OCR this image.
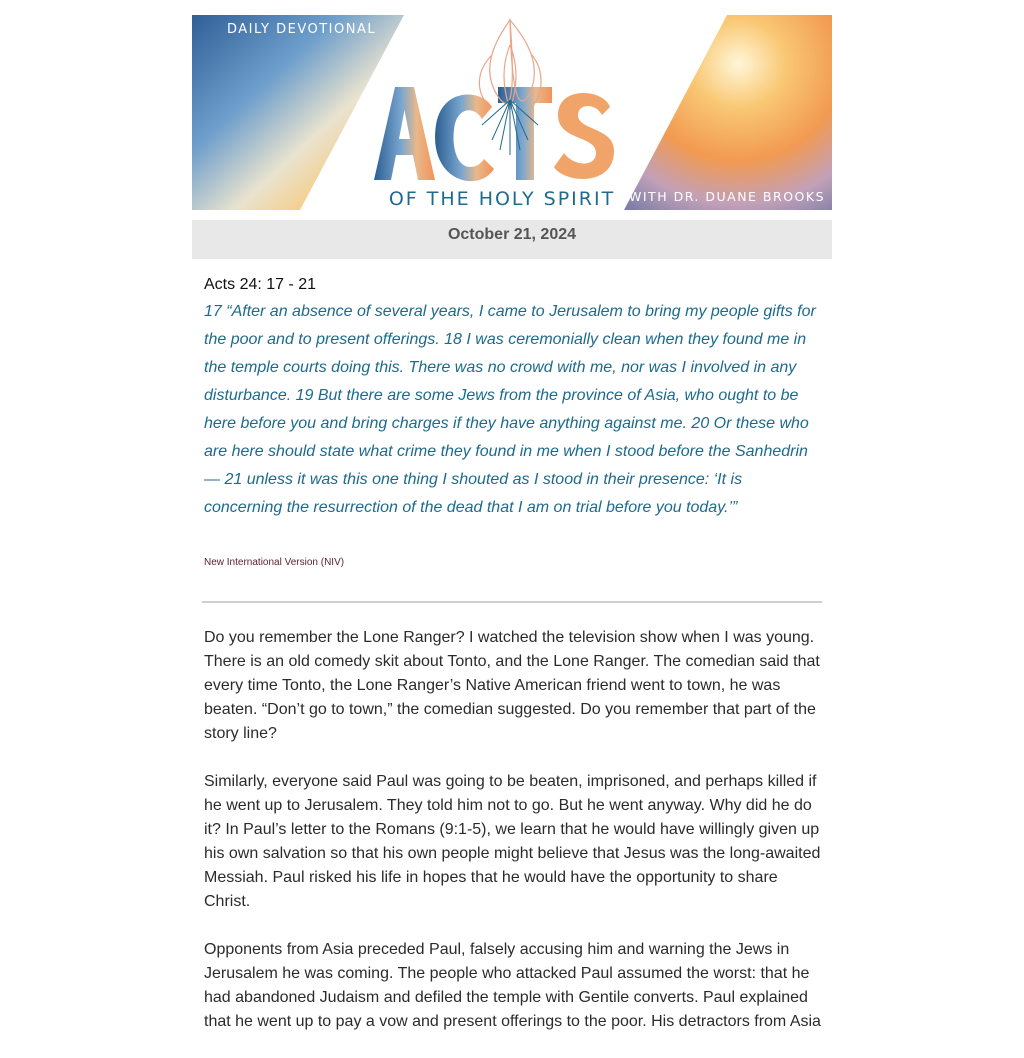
DAILY DEVOTIONAL
OF THE HOLY SPIRIT	WITH DR. DUANE BROOKS
October 21, 2024
Acts 24: 17 - 21
17 “After an absence of several years, I came to Jerusalem to bring my people gifts for the poor and to present offerings. 18 I was ceremonially clean when they found me in the temple courts doing this. There was no crowd with me, nor was I involved in any disturbance. 19 But there are some Jews from the province of Asia, who ought to be here before you and bring charges if they have anything against me. 20 Or these who are here should state what crime they found in me when I stood before the Sanhedrin — 21 unless it was this one thing I shouted as I stood in their presence: ‘It is concerning the resurrection of the dead that I am on trial before you today.’”
New International Version (NIV)

Do you remember the Lone Ranger? I watched the television show when I was young. There is an old comedy skit about Tonto, and the Lone Ranger. The comedian said that every time Tonto, the Lone Ranger’s Native American friend went to town, he was beaten. “Don’t go to town,” the comedian suggested. Do you remember that part of the story line?

Similarly, everyone said Paul was going to be beaten, imprisoned, and perhaps killed if he went up to Jerusalem. They told him not to go. But he went anyway. Why did he do it? In Paul’s letter to the Romans (9:1-5), we learn that he would have willingly given up his own salvation so that his own people might believe that Jesus was the long-awaited Messiah. Paul risked his life in hopes that he would have the opportunity to share Christ.

Opponents from Asia preceded Paul, falsely accusing him and warning the Jews in Jerusalem he was coming. The people who attacked Paul assumed the worst: that he had abandoned Judaism and defiled the temple with Gentile converts. Paul explained that he went up to pay a vow and present offerings to the poor. His detractors from Asia
